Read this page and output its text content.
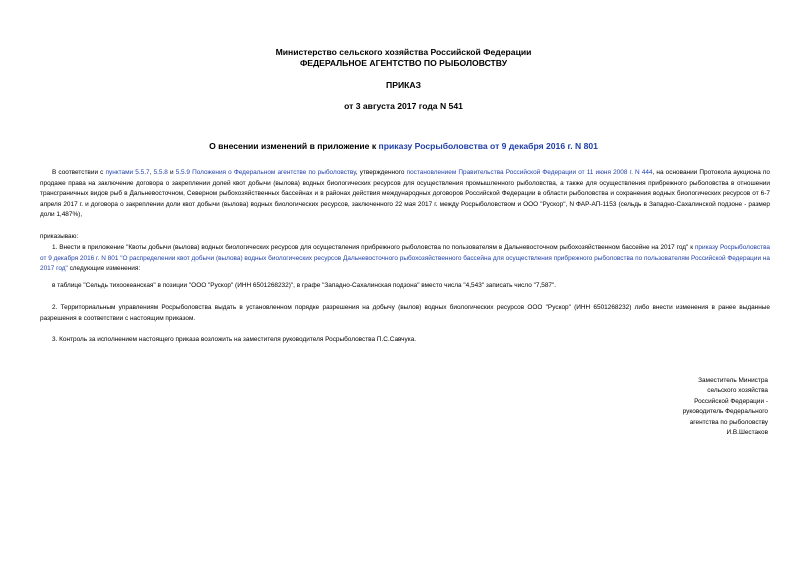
Министерство сельского хозяйства Российской Федерации
ФЕДЕРАЛЬНОЕ АГЕНТСТВО ПО РЫБОЛОВСТВУ
ПРИКАЗ
от 3 августа 2017 года N 541
О внесении изменений в приложение к приказу Росрыболовства от 9 декабря 2016 г. N 801

В соответствии с пунктами 5.5.7, 5.5.8 и 5.5.9 Положения о Федеральном агентстве по рыболовству, утвержденного постановлением Правительства Российской Федерации от 11 июня 2008 г. N 444, на основании Протокола аукциона по продаже права на заключение договора о закреплении долей квот добычи (вылова) водных биологических ресурсов для осуществления промышленного рыболовства, а также для осуществления прибрежного рыболовства в отношении трансграничных видов рыб в Дальневосточном, Северном рыбохозяйственных бассейнах и в районах действия международных договоров Российской Федерации в области рыболовства и сохранения водных биологических ресурсов от 6-7 апреля 2017 г. и договора о закреплении доли квот добычи (вылова) водных биологических ресурсов, заключенного 22 мая 2017 г. между Росрыболовством и ООО "Рускор", N ФАР-АП-1153 (сельдь в Западно-Сахалинской подзоне - размер доли 1,487%),

приказываю:

1. Внести в приложение "Квоты добычи (вылова) водных биологических ресурсов для осуществления прибрежного рыболовства по пользователям в Дальневосточном рыбохозяйственном бассейне на 2017 год" к приказу Росрыболовства от 9 декабря 2016 г. N 801 "О распределении квот добычи (вылова) водных биологических ресурсов Дальневосточного рыбохозяйственного бассейна для осуществления прибрежного рыболовства по пользователям Российской Федерации на 2017 год" следующие изменения:

в таблице "Сельдь тихоокеанская" в позиции "ООО "Рускор" (ИНН 6501268232)", в графе "Западно-Сахалинская подзона" вместо числа "4,543" записать число "7,587".

2. Территориальным управлениям Росрыболовства выдать в установленном порядке разрешения на добычу (вылов) водных биологических ресурсов ООО "Рускор" (ИНН 6501268232) либо внести изменения в ранее выданные разрешения в соответствии с настоящим приказом.

3. Контроль за исполнением настоящего приказа возложить на заместителя руководителя Росрыболовства П.С.Савчука.

Заместитель Министра
сельского хозяйства
Российской Федерации -
руководитель Федерального
агентства по рыболовству
И.В.Шестаков
